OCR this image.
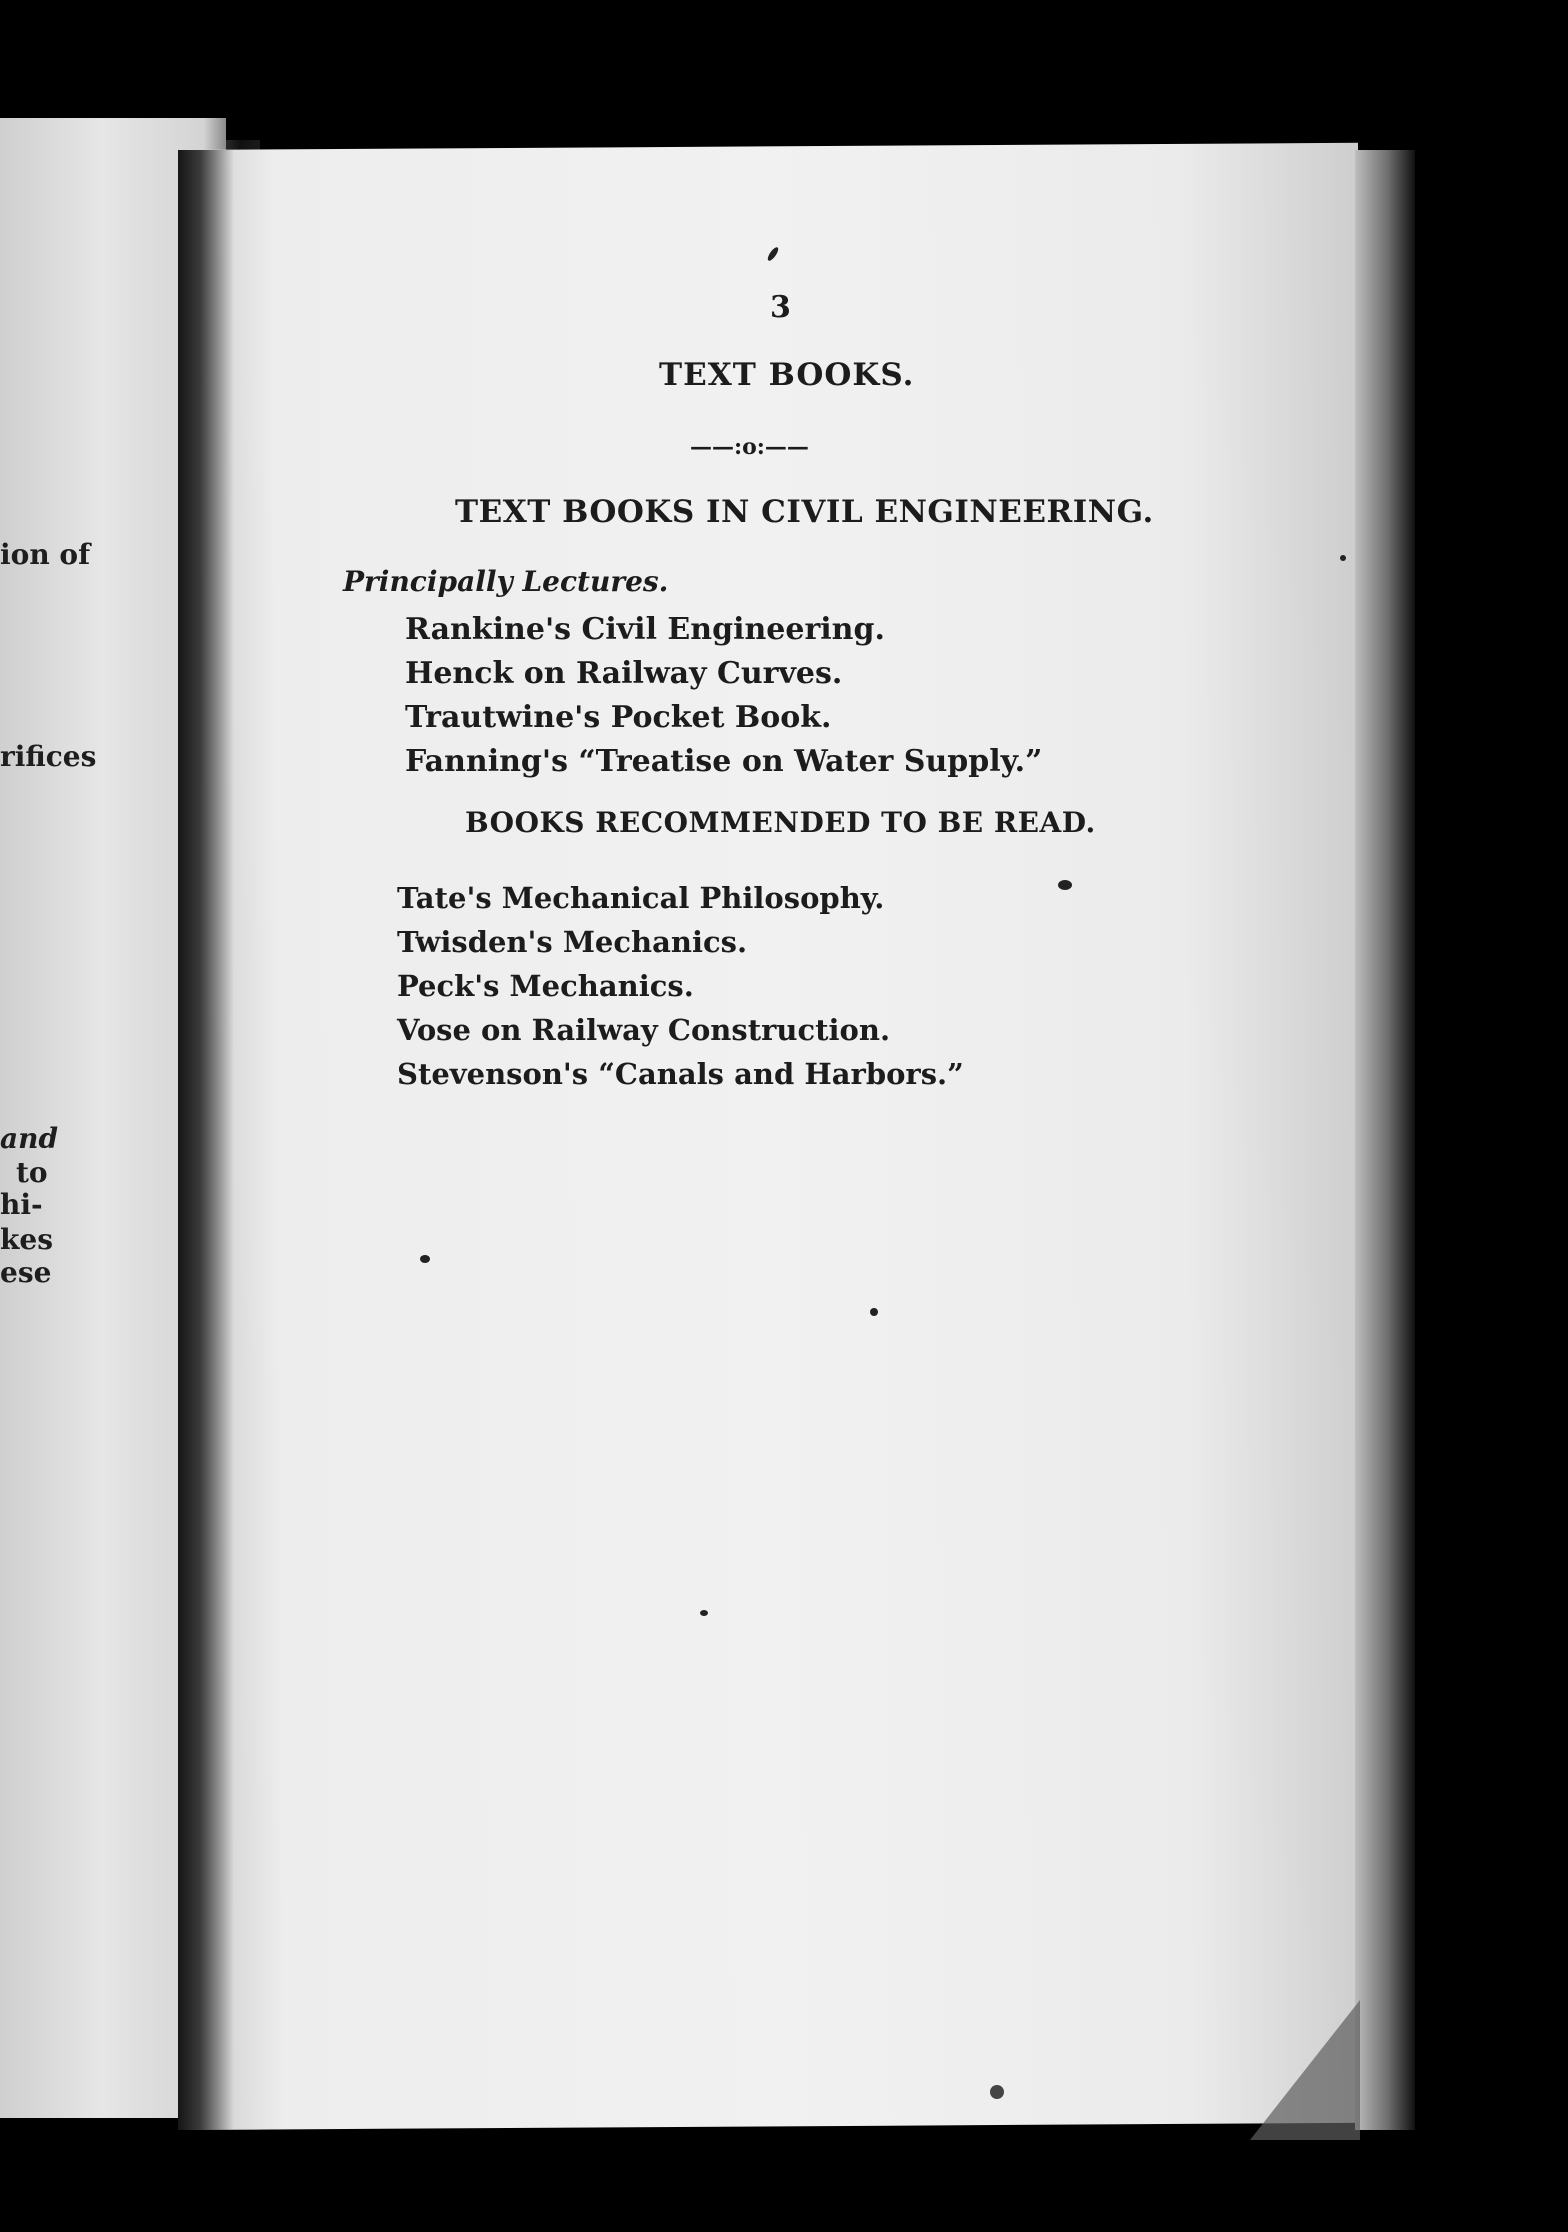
ion of
rifices
and
to
hi-
kes
ese
3
TEXT BOOKS.
——:o:——
TEXT BOOKS IN CIVIL ENGINEERING.
Principally Lectures.
Rankine's Civil Engineering.
Henck on Railway Curves.
Trautwine's Pocket Book.
Fanning's “Treatise on Water Supply.”
BOOKS RECOMMENDED TO BE READ.
Tate's Mechanical Philosophy.
Twisden's Mechanics.
Peck's Mechanics.
Vose on Railway Construction.
Stevenson's “Canals and Harbors.”
